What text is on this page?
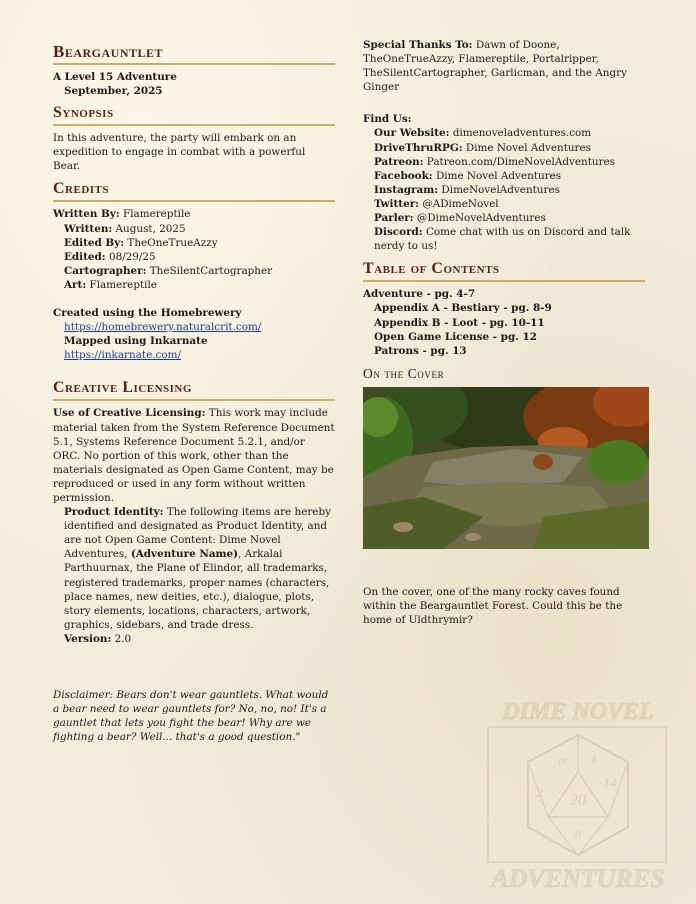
Beargauntlet

A Level 15 Adventure

September, 2025

Synopsis

In this adventure, the party will embark on an expedition to engage in combat with a powerful Bear.

Credits

Written By: Flamereptile

Written: August, 2025

Edited By: TheOneTrueAzzy

Edited: 08/29/25

Cartographer: TheSilentCartographer

Art: Flamereptile

Created using the Homebrewery

https://homebrewery.naturalcrit.com/

Mapped using Inkarnate

https://inkarnate.com/

Creative Licensing

Use of Creative Licensing: This work may include material taken from the System Reference Document 5.1, Systems Reference Document 5.2.1, and/or ORC. No portion of this work, other than the materials designated as Open Game Content, may be reproduced or used in any form without written permission.

Product Identity: The following items are hereby identified and designated as Product Identity, and are not Open Game Content: Dime Novel Adventures, (Adventure Name), Arkalai Parthuurnax, the Plane of Elindor, all trademarks, registered trademarks, proper names (characters, place names, new deities, etc.), dialogue, plots, story elements, locations, characters, artwork, graphics, sidebars, and trade dress.

Version: 2.0

Disclaimer: Bears don't wear gauntlets. What would a bear need to wear gauntlets for? No, no, no! It's a gauntlet that lets you fight the bear! Why are we fighting a bear? Well... that's a good question."

Special Thanks To: Dawn of Doone, TheOneTrueAzzy, Flamereptile, Portalripper, TheSilentCartographer, Garlicman, and the Angry Ginger

Find Us:

Our Website: dimenoveladventures.com

DriveThruRPG: Dime Novel Adventures

Patreon: Patreon.com/DimeNovelAdventures

Facebook: Dime Novel Adventures

Instagram: DimeNovelAdventures

Twitter: @ADimeNovel

Parler: @DimeNovelAdventures

Discord: Come chat with us on Discord and talk nerdy to us!

Table of Contents

Adventure - pg. 4-7

Appendix A - Bestiary - pg. 8-9

Appendix B - Loot - pg. 10-11

Open Game License - pg. 12

Patrons - pg. 13

On the Cover

On the cover, one of the many rocky caves found within the Beargauntlet Forest. Could this be the home of Uldthrymir?

DIME NOVEL
20
14
18
2
8
4
ADVENTURES
